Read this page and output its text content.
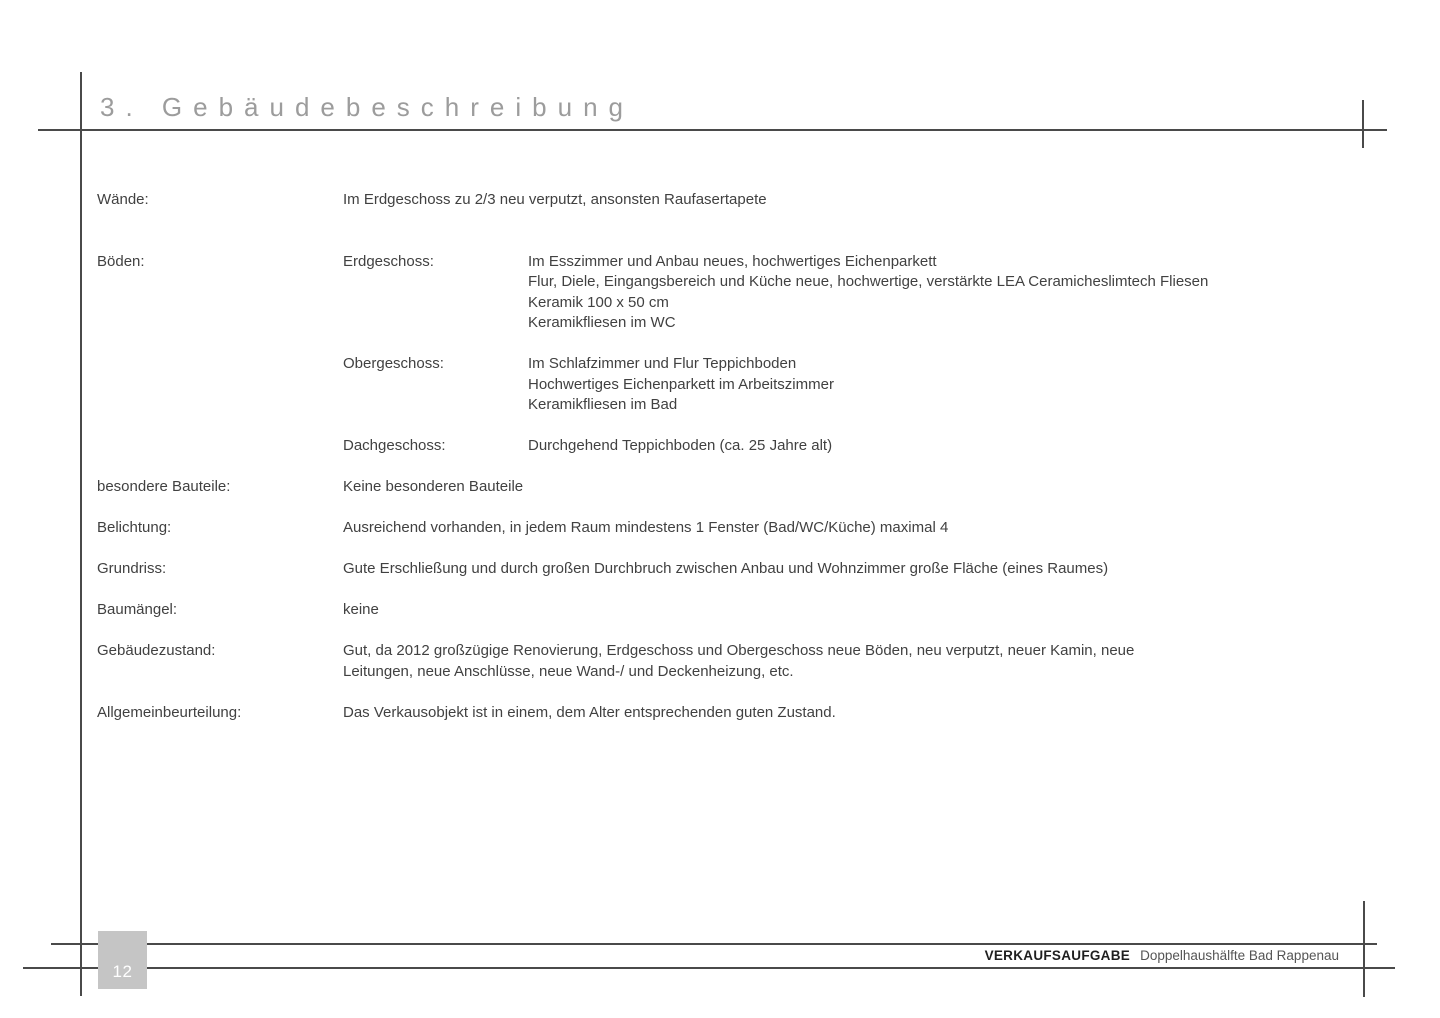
3. Gebäudebeschreibung
Wände:	Im Erdgeschoss zu 2/3 neu verputzt, ansonsten Raufasertapete
Böden:	Erdgeschoss:	Im Esszimmer und Anbau neues, hochwertiges Eichenparkett
Flur, Diele, Eingangsbereich und Küche neue, hochwertige, verstärkte LEA Ceramicheslimtech Fliesen
Keramik 100 x 50 cm
Keramikfliesen im WC
Obergeschoss:	Im Schlafzimmer und Flur Teppichboden
Hochwertiges Eichenparkett im Arbeitszimmer
Keramikfliesen im Bad
Dachgeschoss:	Durchgehend Teppichboden (ca. 25 Jahre alt)
besondere Bauteile:	Keine besonderen Bauteile
Belichtung:	Ausreichend vorhanden, in jedem Raum mindestens 1 Fenster (Bad/WC/Küche) maximal 4
Grundriss:	Gute Erschließung und durch großen Durchbruch zwischen Anbau und Wohnzimmer große Fläche (eines Raumes)
Baumängel:	keine
Gebäudezustand:	Gut, da 2012 großzügige Renovierung, Erdgeschoss und Obergeschoss neue Böden, neu verputzt, neuer Kamin, neue
Leitungen, neue Anschlüsse, neue Wand-/ und Deckenheizung, etc.
Allgemeinbeurteilung:	Das Verkausobjekt ist in einem, dem Alter entsprechenden guten Zustand.
12
VERKAUFSAUFGABE Doppelhaushälfte Bad Rappenau
